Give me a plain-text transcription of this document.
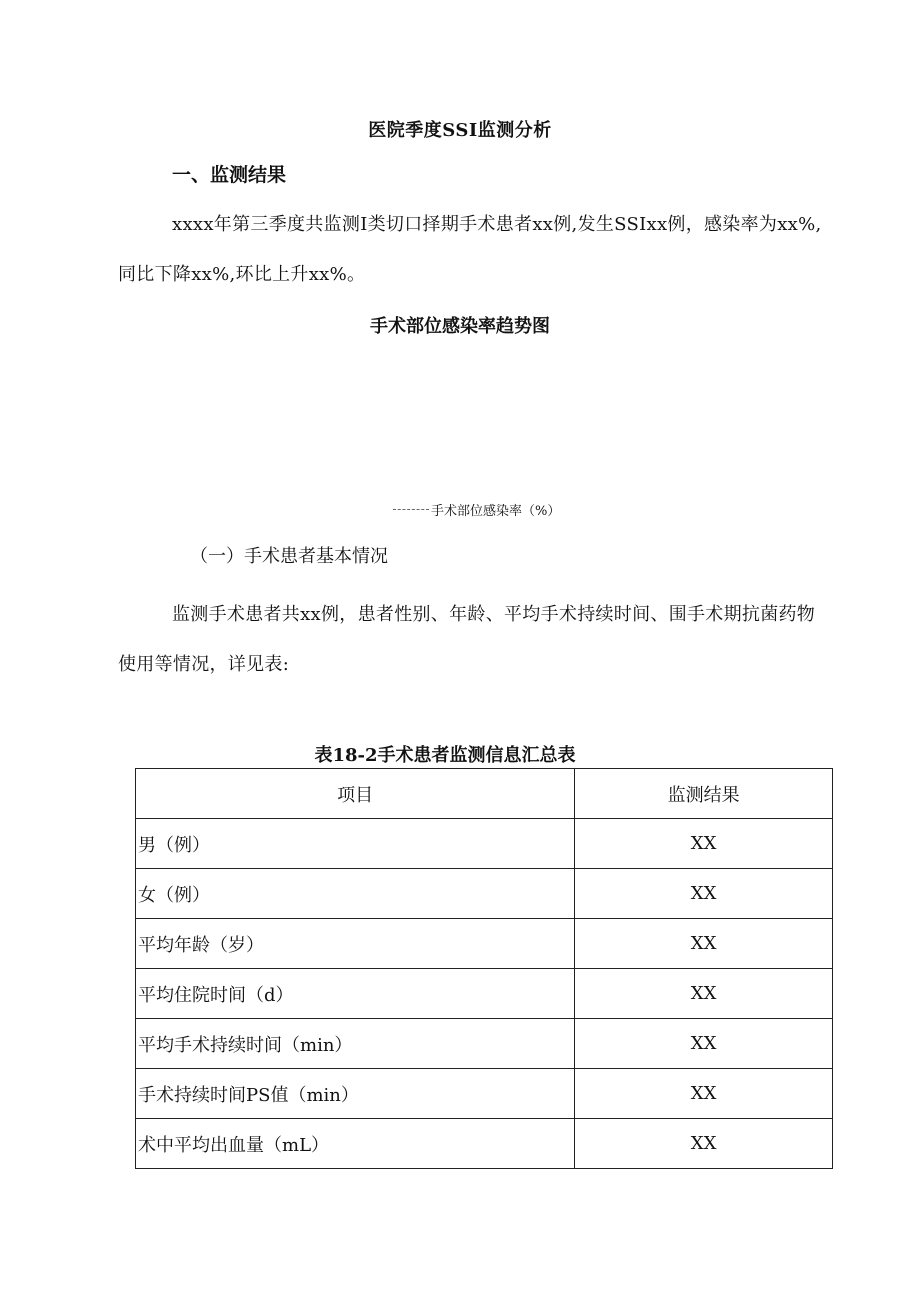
医院季度SSI监测分析
一、监测结果
xxxx年第三季度共监测I类切口择期手术患者xx例,发生SSIxx例，感染率为xx%,同比下降xx%,环比上升xx%。
手术部位感染率趋势图
手术部位感染率（%）
（一）手术患者基本情况
监测手术患者共xx例，患者性别、年龄、平均手术持续时间、围手术期抗菌药物使用等情况，详见表:
表18-2手术患者监测信息汇总表
项目	监测结果
男（例）	XX
女（例）	XX
平均年龄（岁）	XX
平均住院时间（d）	XX
平均手术持续时间（min）	XX
手术持续时间PS值（min）	XX
术中平均出血量（mL）	XX
